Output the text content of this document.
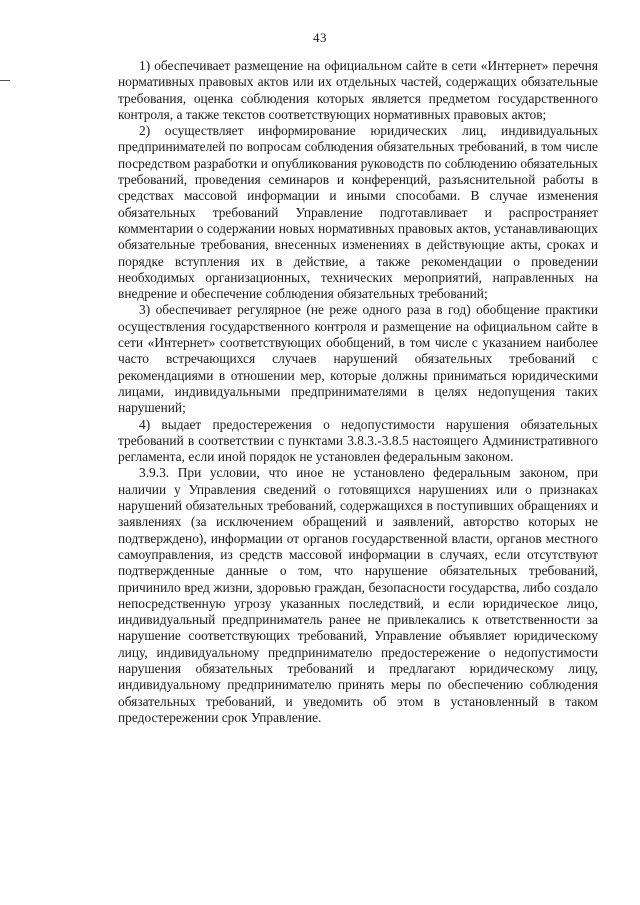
43

1) обеспечивает размещение на официальном сайте в сети «Интернет» перечня нормативных правовых актов или их отдельных частей, содержащих обязательные требования, оценка соблюдения которых является предметом государственного контроля, а также текстов соответствующих нормативных правовых актов;

2) осуществляет информирование юридических лиц, индивидуальных предпринимателей по вопросам соблюдения обязательных требований, в том числе посредством разработки и опубликования руководств по соблюдению обязательных требований, проведения семинаров и конференций, разъяснительной работы в средствах массовой информации и иными способами. В случае изменения обязательных требований Управление подготавливает и распространяет комментарии о содержании новых нормативных правовых актов, устанавливающих обязательные требования, внесенных изменениях в действующие акты, сроках и порядке вступления их в действие, а также рекомендации о проведении необходимых организационных, технических мероприятий, направленных на внедрение и обеспечение соблюдения обязательных требований;

3) обеспечивает регулярное (не реже одного раза в год) обобщение практики осуществления государственного контроля и размещение на официальном сайте в сети «Интернет» соответствующих обобщений, в том числе с указанием наиболее часто встречающихся случаев нарушений обязательных требований с рекомендациями в отношении мер, которые должны приниматься юридическими лицами, индивидуальными предпринимателями в целях недопущения таких нарушений;

4) выдает предостережения о недопустимости нарушения обязательных требований в соответствии с пунктами 3.8.3.-3.8.5 настоящего Административного регламента, если иной порядок не установлен федеральным законом.

3.9.3. При условии, что иное не установлено федеральным законом, при наличии у Управления сведений о готовящихся нарушениях или о признаках нарушений обязательных требований, содержащихся в поступивших обращениях и заявлениях (за исключением обращений и заявлений, авторство которых не подтверждено), информации от органов государственной власти, органов местного самоуправления, из средств массовой информации в случаях, если отсутствуют подтвержденные данные о том, что нарушение обязательных требований, причинило вред жизни, здоровью граждан, безопасности государства, либо создало непосредственную угрозу указанных последствий, и если юридическое лицо, индивидуальный предприниматель ранее не привлекались к ответственности за нарушение соответствующих требований, Управление объявляет юридическому лицу, индивидуальному предпринимателю предостережение о недопустимости нарушения обязательных требований и предлагают юридическому лицу, индивидуальному предпринимателю принять меры по обеспечению соблюдения обязательных требований, и уведомить об этом в установленный в таком предостережении срок Управление.
